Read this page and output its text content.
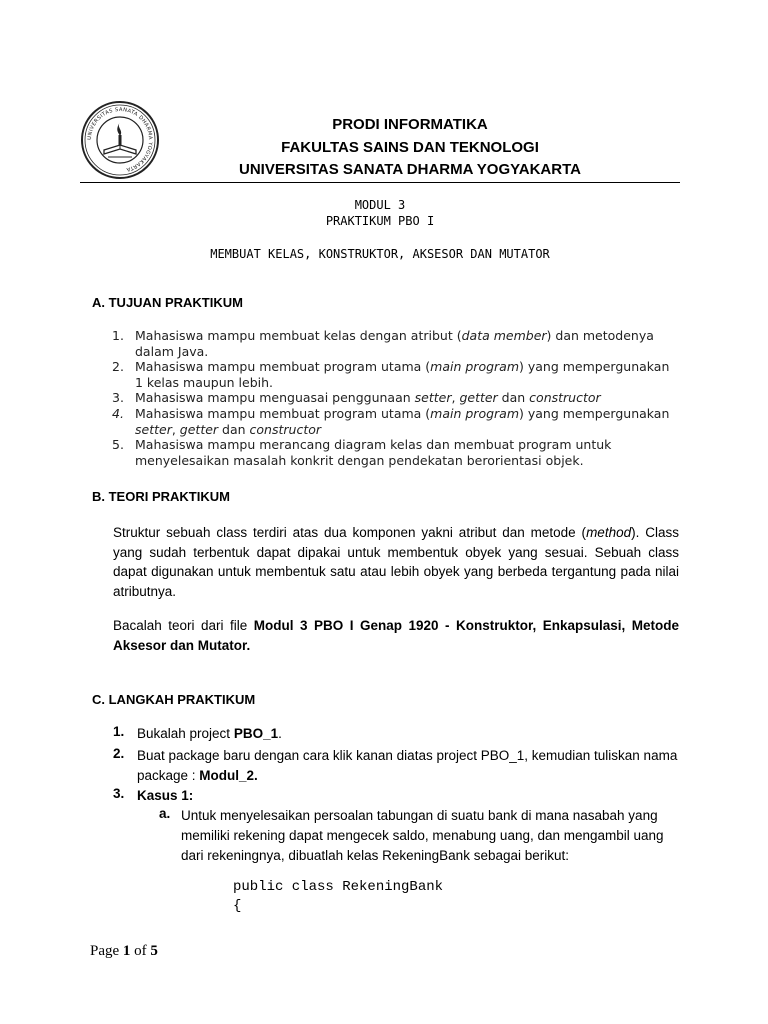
UNIVERSITAS SANATA DHARMA YOGYAKARTA
PRODI INFORMATIKA
FAKULTAS SAINS DAN TEKNOLOGI
UNIVERSITAS SANATA DHARMA YOGYAKARTA
MODUL 3
PRAKTIKUM PBO I
MEMBUAT KELAS, KONSTRUKTOR, AKSESOR DAN MUTATOR
A. TUJUAN PRAKTIKUM
1. Mahasiswa mampu membuat kelas dengan atribut (data member) dan metodenya
dalam Java.
2. Mahasiswa mampu membuat program utama (main program) yang mempergunakan
1 kelas maupun lebih.
3. Mahasiswa mampu menguasai penggunaan setter, getter dan constructor
4. Mahasiswa mampu membuat program utama (main program) yang mempergunakan
setter, getter dan constructor
5. Mahasiswa mampu merancang diagram kelas dan membuat program untuk
menyelesaikan masalah konkrit dengan pendekatan berorientasi objek.
B. TEORI PRAKTIKUM
Struktur sebuah class terdiri atas dua komponen yakni atribut dan metode (method). Class yang sudah terbentuk dapat dipakai untuk membentuk obyek yang sesuai. Sebuah class dapat digunakan untuk membentuk satu atau lebih obyek yang berbeda tergantung pada nilai atributnya.
Bacalah teori dari file Modul 3 PBO I Genap 1920 - Konstruktor, Enkapsulasi, Metode Aksesor dan Mutator.
C. LANGKAH PRAKTIKUM
1. Bukalah project PBO_1.
2. Buat package baru dengan cara klik kanan diatas project PBO_1, kemudian tuliskan nama package : Modul_2.
3. Kasus 1:
a. Untuk menyelesaikan persoalan tabungan di suatu bank di mana nasabah yang memiliki rekening dapat mengecek saldo, menabung uang, dan mengambil uang dari rekeningnya, dibuatlah kelas RekeningBank sebagai berikut:
public class RekeningBank
{
Page 1 of 5
